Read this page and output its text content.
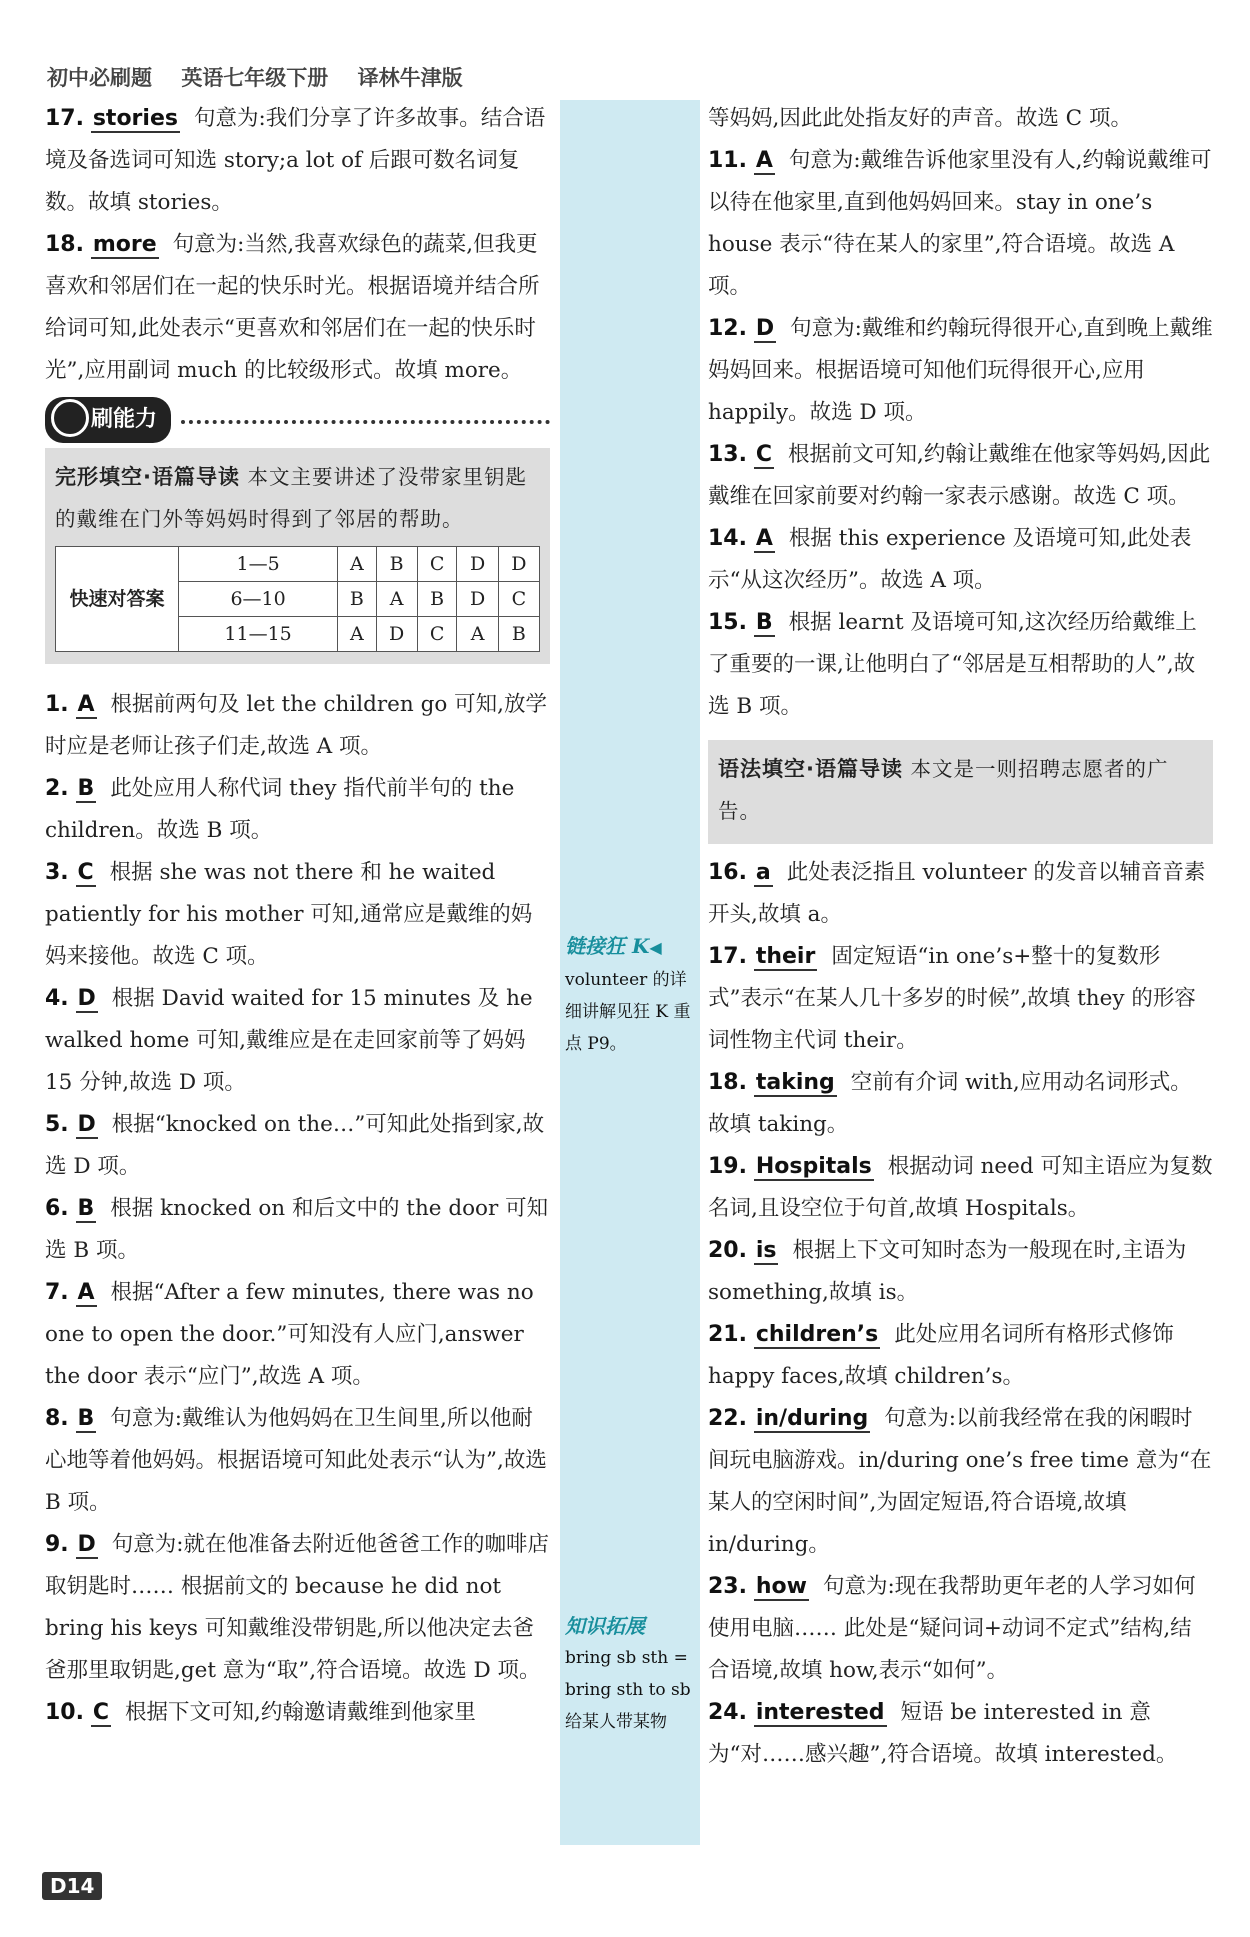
初中必刷题 英语七年级下册 译林牛津版
17. stories 句意为:我们分享了许多故事。结合语境及备选词可知选 story;a lot of 后跟可数名词复数。故填 stories。
18. more 句意为:当然,我喜欢绿色的蔬菜,但我更喜欢和邻居们在一起的快乐时光。根据语境并结合所给词可知,此处表示“更喜欢和邻居们在一起的快乐时光”,应用副词 much 的比较级形式。故填 more。
刷能力

完形填空·语篇导读 本文主要讲述了没带家里钥匙的戴维在门外等妈妈时得到了邻居的帮助。

快速对答案	1—5	A	B	C	D	D
	6—10	B	A	B	D	C
	11—15	A	D	C	A	B
1. A 根据前两句及 let the children go 可知,放学时应是老师让孩子们走,故选 A 项。
2. B 此处应用人称代词 they 指代前半句的 the children。故选 B 项。
3. C 根据 she was not there 和 he waited patiently for his mother 可知,通常应是戴维的妈妈来接他。故选 C 项。
4. D 根据 David waited for 15 minutes 及 he walked home 可知,戴维应是在走回家前等了妈妈 15 分钟,故选 D 项。
5. D 根据“knocked on the…”可知此处指到家,故选 D 项。
6. B 根据 knocked on 和后文中的 the door 可知选 B 项。
7. A 根据“After a few minutes, there was no one to open the door.”可知没有人应门,answer the door 表示“应门”,故选 A 项。
8. B 句意为:戴维认为他妈妈在卫生间里,所以他耐心地等着他妈妈。根据语境可知此处表示“认为”,故选 B 项。
9. D 句意为:就在他准备去附近他爸爸工作的咖啡店取钥匙时…… 根据前文的 because he did not bring his keys 可知戴维没带钥匙,所以他决定去爸爸那里取钥匙,get 意为“取”,符合语境。故选 D 项。
10. C 根据下文可知,约翰邀请戴维到他家里
链接狂 K◀
volunteer 的详细讲解见狂 K 重点 P9。
知识拓展
bring sb sth = bring sth to sb 给某人带某物
等妈妈,因此此处指友好的声音。故选 C 项。
11. A 句意为:戴维告诉他家里没有人,约翰说戴维可以待在他家里,直到他妈妈回来。stay in one’s house 表示“待在某人的家里”,符合语境。故选 A 项。
12. D 句意为:戴维和约翰玩得很开心,直到晚上戴维妈妈回来。根据语境可知他们玩得很开心,应用 happily。故选 D 项。
13. C 根据前文可知,约翰让戴维在他家等妈妈,因此戴维在回家前要对约翰一家表示感谢。故选 C 项。
14. A 根据 this experience 及语境可知,此处表示“从这次经历”。故选 A 项。
15. B 根据 learnt 及语境可知,这次经历给戴维上了重要的一课,让他明白了“邻居是互相帮助的人”,故选 B 项。

语法填空·语篇导读 本文是一则招聘志愿者的广告。

16. a 此处表泛指且 volunteer 的发音以辅音音素开头,故填 a。
17. their 固定短语“in one’s+整十的复数形式”表示“在某人几十多岁的时候”,故填 they 的形容词性物主代词 their。
18. taking 空前有介词 with,应用动名词形式。故填 taking。
19. Hospitals 根据动词 need 可知主语应为复数名词,且设空位于句首,故填 Hospitals。
20. is 根据上下文可知时态为一般现在时,主语为 something,故填 is。
21. children’s 此处应用名词所有格形式修饰 happy faces,故填 children’s。
22. in/during 句意为:以前我经常在我的闲暇时间玩电脑游戏。in/during one’s free time 意为“在某人的空闲时间”,为固定短语,符合语境,故填 in/during。
23. how 句意为:现在我帮助更年老的人学习如何使用电脑…… 此处是“疑问词+动词不定式”结构,结合语境,故填 how,表示“如何”。
24. interested 短语 be interested in 意为“对……感兴趣”,符合语境。故填 interested。
D14
